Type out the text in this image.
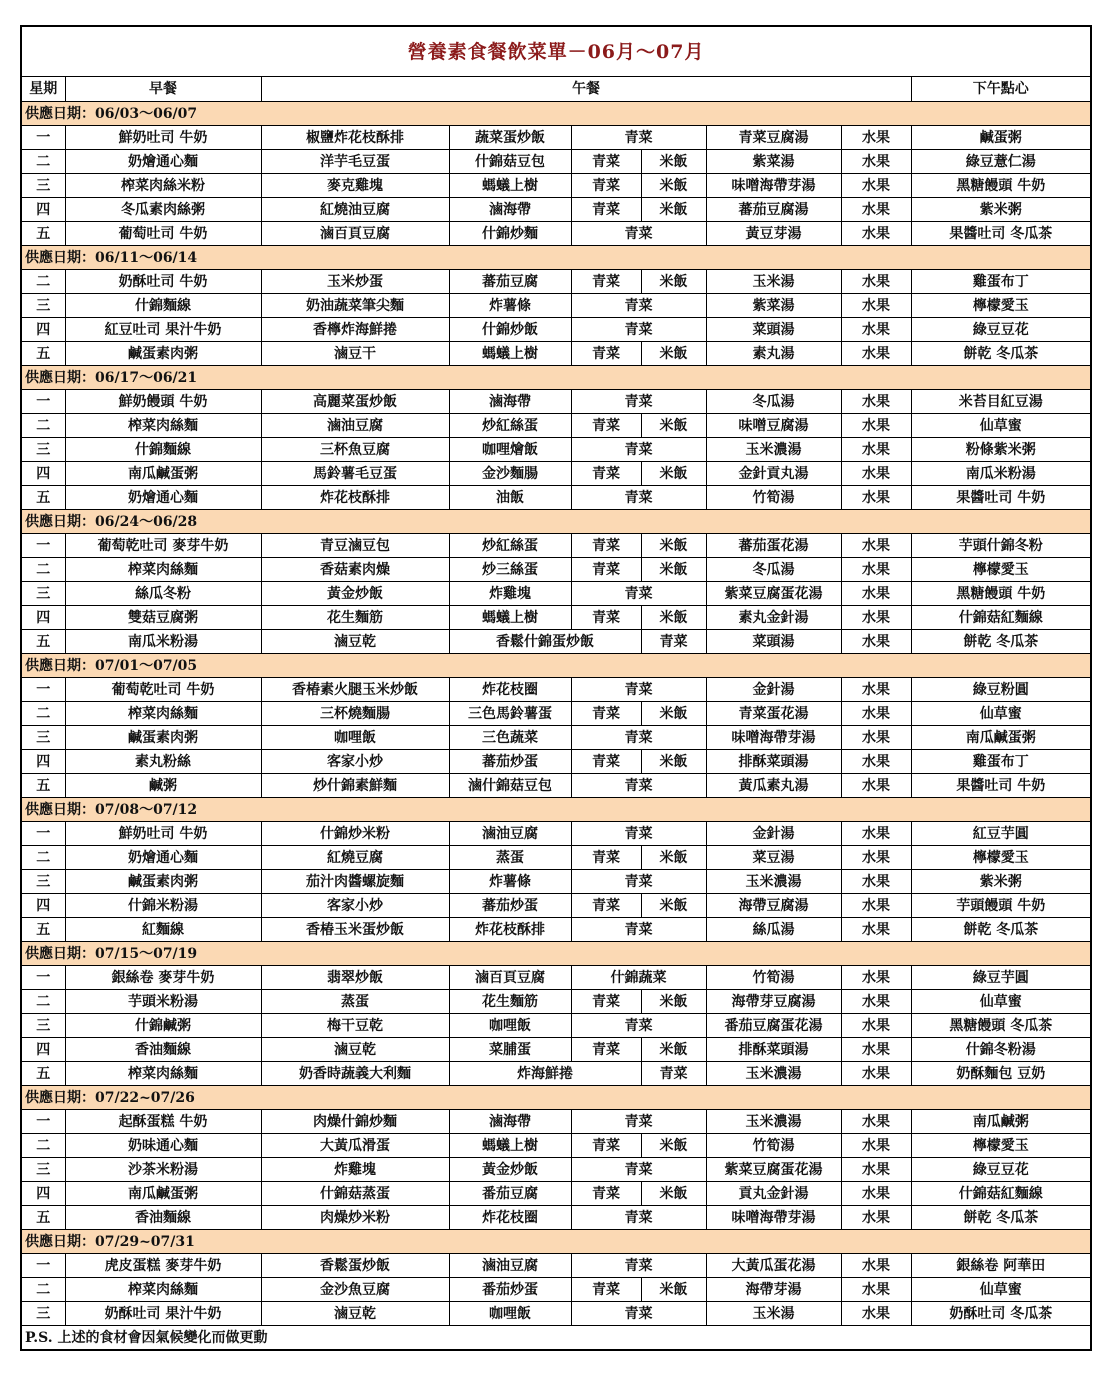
營養素食餐飲菜單－06月～07月								
星期	早餐	午餐						下午點心
供應日期：06/03～06/07								
一	鮮奶吐司 牛奶	椒鹽炸花枝酥排	蔬菜蛋炒飯	青菜		青菜豆腐湯	水果	鹹蛋粥
二	奶燴通心麵	洋芋毛豆蛋	什錦菇豆包	青菜	米飯	紫菜湯	水果	綠豆薏仁湯
三	榨菜肉絲米粉	麥克雞塊	螞蟻上樹	青菜	米飯	味噌海帶芽湯	水果	黑糖饅頭 牛奶
四	冬瓜素肉絲粥	紅燒油豆腐	滷海帶	青菜	米飯	蕃茄豆腐湯	水果	紫米粥
五	葡萄吐司 牛奶	滷百頁豆腐	什錦炒麵	青菜		黃豆芽湯	水果	果醬吐司 冬瓜茶
供應日期：06/11～06/14								
二	奶酥吐司 牛奶	玉米炒蛋	蕃茄豆腐	青菜	米飯	玉米湯	水果	雞蛋布丁
三	什錦麵線	奶油蔬菜筆尖麵	炸薯條	青菜		紫菜湯	水果	檸檬愛玉
四	紅豆吐司 果汁牛奶	香檸炸海鮮捲	什錦炒飯	青菜		菜頭湯	水果	綠豆豆花
五	鹹蛋素肉粥	滷豆干	螞蟻上樹	青菜	米飯	素丸湯	水果	餅乾 冬瓜茶
供應日期：06/17～06/21								
一	鮮奶饅頭 牛奶	高麗菜蛋炒飯	滷海帶	青菜		冬瓜湯	水果	米苔目紅豆湯
二	榨菜肉絲麵	滷油豆腐	炒紅絲蛋	青菜	米飯	味噌豆腐湯	水果	仙草蜜
三	什錦麵線	三杯魚豆腐	咖哩燴飯	青菜		玉米濃湯	水果	粉條紫米粥
四	南瓜鹹蛋粥	馬鈴薯毛豆蛋	金沙麵腸	青菜	米飯	金針貢丸湯	水果	南瓜米粉湯
五	奶燴通心麵	炸花枝酥排	油飯	青菜		竹筍湯	水果	果醬吐司 牛奶
供應日期：06/24～06/28								
一	葡萄乾吐司 麥芽牛奶	青豆滷豆包	炒紅絲蛋	青菜	米飯	蕃茄蛋花湯	水果	芋頭什錦冬粉
二	榨菜肉絲麵	香菇素肉燥	炒三絲蛋	青菜	米飯	冬瓜湯	水果	檸檬愛玉
三	絲瓜冬粉	黃金炒飯	炸雞塊	青菜		紫菜豆腐蛋花湯	水果	黑糖饅頭 牛奶
四	雙菇豆腐粥	花生麵筋	螞蟻上樹	青菜	米飯	素丸金針湯	水果	什錦菇紅麵線
五	南瓜米粉湯	滷豆乾	香鬆什錦蛋炒飯		青菜	菜頭湯	水果	餅乾 冬瓜茶
供應日期：07/01～07/05								
一	葡萄乾吐司 牛奶	香椿素火腿玉米炒飯	炸花枝圈	青菜		金針湯	水果	綠豆粉圓
二	榨菜肉絲麵	三杯燒麵腸	三色馬鈴薯蛋	青菜	米飯	青菜蛋花湯	水果	仙草蜜
三	鹹蛋素肉粥	咖哩飯	三色蔬菜	青菜		味噌海帶芽湯	水果	南瓜鹹蛋粥
四	素丸粉絲	客家小炒	蕃茄炒蛋	青菜	米飯	排酥菜頭湯	水果	雞蛋布丁
五	鹹粥	炒什錦素鮮麵	滷什錦菇豆包	青菜		黃瓜素丸湯	水果	果醬吐司 牛奶
供應日期：07/08～07/12								
一	鮮奶吐司 牛奶	什錦炒米粉	滷油豆腐	青菜		金針湯	水果	紅豆芋圓
二	奶燴通心麵	紅燒豆腐	蒸蛋	青菜	米飯	菜豆湯	水果	檸檬愛玉
三	鹹蛋素肉粥	茄汁肉醬螺旋麵	炸薯條	青菜		玉米濃湯	水果	紫米粥
四	什錦米粉湯	客家小炒	蕃茄炒蛋	青菜	米飯	海帶豆腐湯	水果	芋頭饅頭 牛奶
五	紅麵線	香椿玉米蛋炒飯	炸花枝酥排	青菜		絲瓜湯	水果	餅乾 冬瓜茶
供應日期：07/15～07/19								
一	銀絲卷 麥芽牛奶	翡翠炒飯	滷百頁豆腐	什錦蔬菜		竹筍湯	水果	綠豆芋圓
二	芋頭米粉湯	蒸蛋	花生麵筋	青菜	米飯	海帶芽豆腐湯	水果	仙草蜜
三	什錦鹹粥	梅干豆乾	咖哩飯	青菜		番茄豆腐蛋花湯	水果	黑糖饅頭 冬瓜茶
四	香油麵線	滷豆乾	菜脯蛋	青菜	米飯	排酥菜頭湯	水果	什錦冬粉湯
五	榨菜肉絲麵	奶香時蔬義大利麵	炸海鮮捲		青菜	玉米濃湯	水果	奶酥麵包 豆奶
供應日期：07/22~07/26								
一	起酥蛋糕 牛奶	肉燥什錦炒麵	滷海帶	青菜		玉米濃湯	水果	南瓜鹹粥
二	奶味通心麵	大黃瓜滑蛋	螞蟻上樹	青菜	米飯	竹筍湯	水果	檸檬愛玉
三	沙茶米粉湯	炸雞塊	黃金炒飯	青菜		紫菜豆腐蛋花湯	水果	綠豆豆花
四	南瓜鹹蛋粥	什錦菇蒸蛋	番茄豆腐	青菜	米飯	貢丸金針湯	水果	什錦菇紅麵線
五	香油麵線	肉燥炒米粉	炸花枝圈	青菜		味噌海帶芽湯	水果	餅乾 冬瓜茶
供應日期：07/29~07/31								
一	虎皮蛋糕 麥芽牛奶	香鬆蛋炒飯	滷油豆腐	青菜		大黃瓜蛋花湯	水果	銀絲卷 阿華田
二	榨菜肉絲麵	金沙魚豆腐	番茄炒蛋	青菜	米飯	海帶芽湯	水果	仙草蜜
三	奶酥吐司 果汁牛奶	滷豆乾	咖哩飯	青菜		玉米湯	水果	奶酥吐司 冬瓜茶
P.S. 上述的食材會因氣候變化而做更動								
